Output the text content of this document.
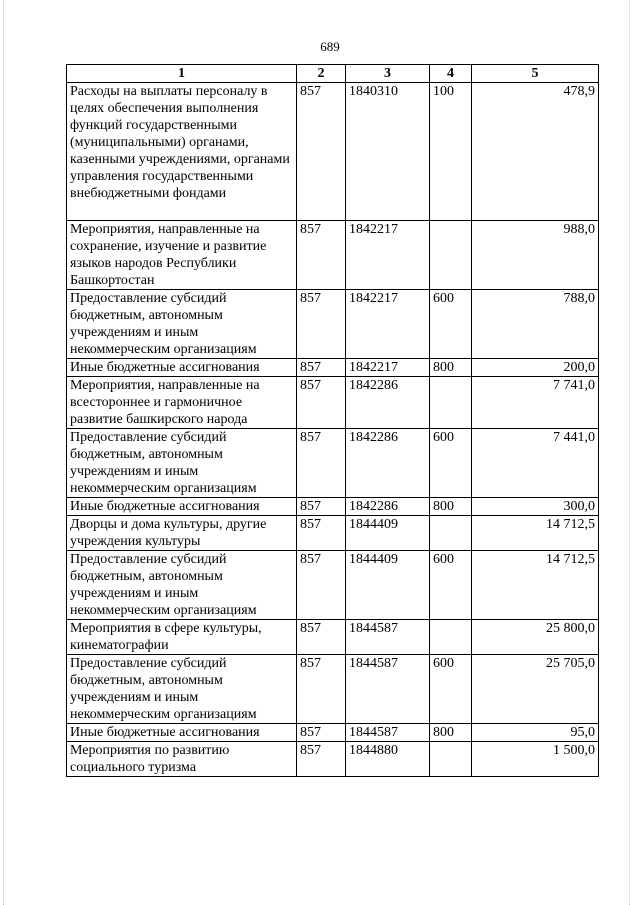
689
1	2	3	4	5
Расходы на выплаты персоналу в целях обеспечения выполнения функций государственными (муниципальными) органами, казенными учреждениями, органами управления государственными внебюджетными фондами	857	1840310	100	478,9
Мероприятия, направленные на сохранение, изучение и развитие языков народов Республики Башкортостан	857	1842217		988,0
Предоставление субсидий бюджетным, автономным учреждениям и иным некоммерческим организациям	857	1842217	600	788,0
Иные бюджетные ассигнования	857	1842217	800	200,0
Мероприятия, направленные на всестороннее и гармоничное развитие башкирского народа	857	1842286		7 741,0
Предоставление субсидий бюджетным, автономным учреждениям и иным некоммерческим организациям	857	1842286	600	7 441,0
Иные бюджетные ассигнования	857	1842286	800	300,0
Дворцы и дома культуры, другие учреждения культуры	857	1844409		14 712,5
Предоставление субсидий бюджетным, автономным учреждениям и иным некоммерческим организациям	857	1844409	600	14 712,5
Мероприятия в сфере культуры, кинематографии	857	1844587		25 800,0
Предоставление субсидий бюджетным, автономным учреждениям и иным некоммерческим организациям	857	1844587	600	25 705,0
Иные бюджетные ассигнования	857	1844587	800	95,0
Мероприятия по развитию социального туризма	857	1844880		1 500,0
